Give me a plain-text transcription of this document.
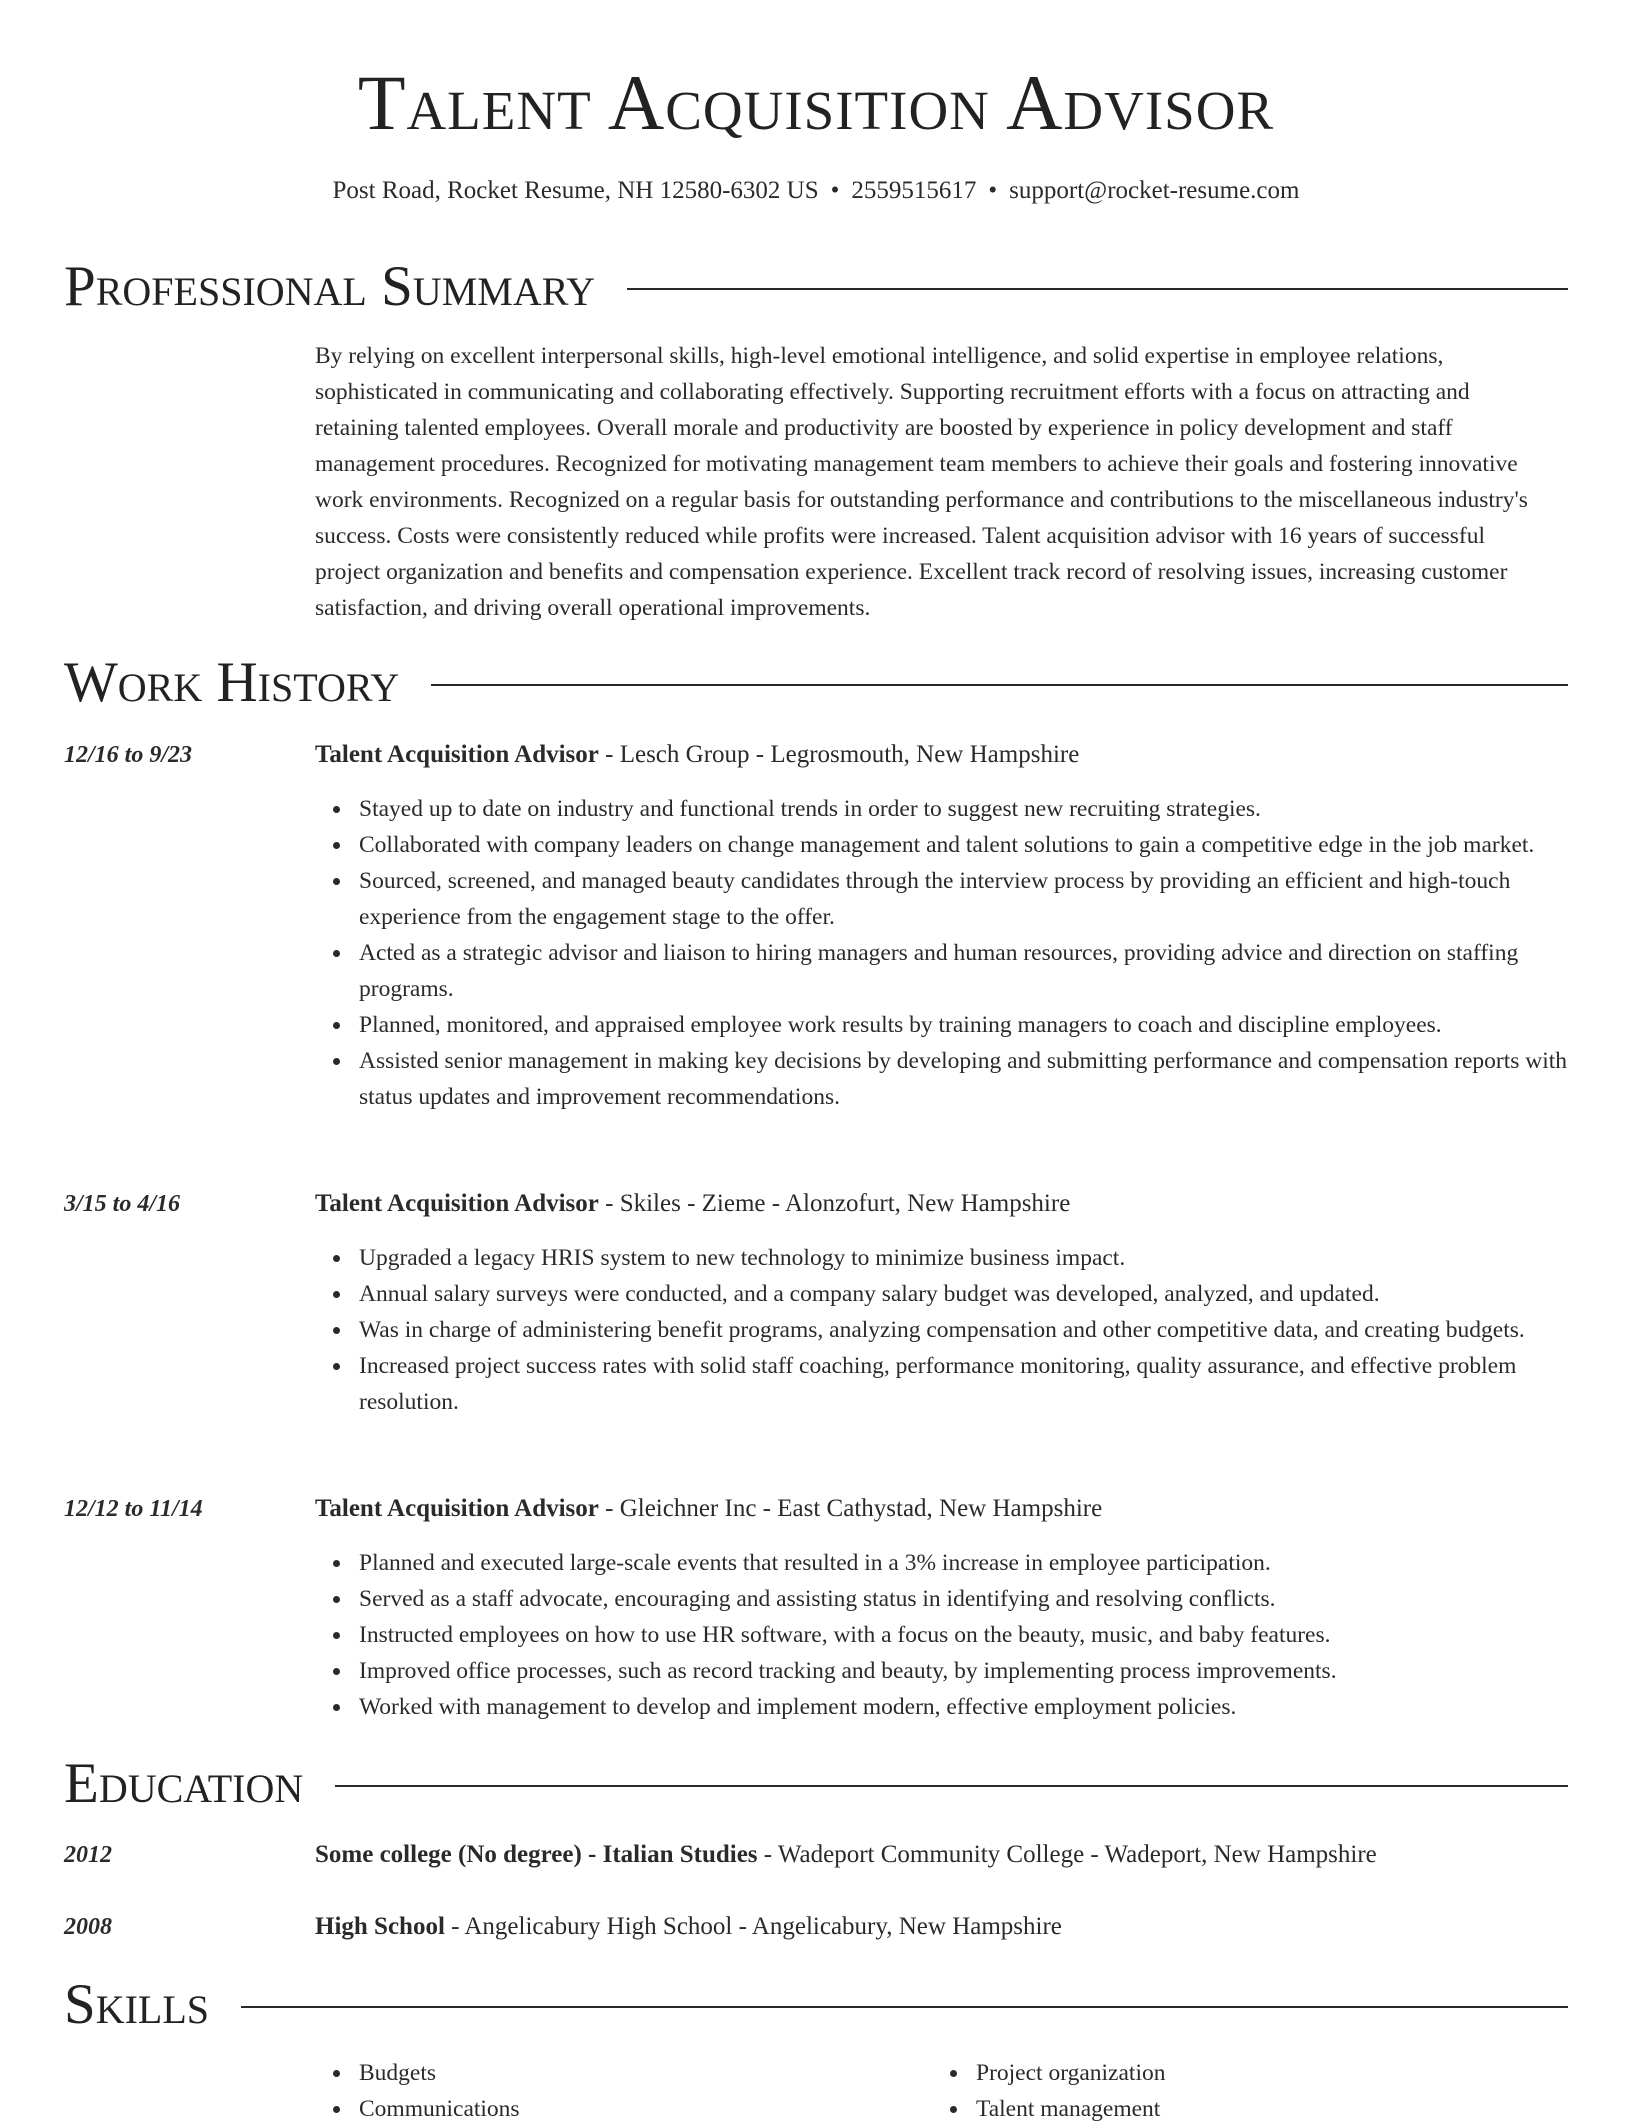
Talent Acquisition Advisor
Post Road, Rocket Resume, NH 12580-6302 US • 2559515617 • support@rocket-resume.com
Professional Summary

By relying on excellent interpersonal skills, high-level emotional intelligence, and solid expertise in employee relations, sophisticated in communicating and collaborating effectively. Supporting recruitment efforts with a focus on attracting and retaining talented employees. Overall morale and productivity are boosted by experience in policy development and staff management procedures. Recognized for motivating management team members to achieve their goals and fostering innovative work environments. Recognized on a regular basis for outstanding performance and contributions to the miscellaneous industry's success. Costs were consistently reduced while profits were increased. Talent acquisition advisor with 16 years of successful project organization and benefits and compensation experience. Excellent track record of resolving issues, increasing customer satisfaction, and driving overall operational improvements.

Work History
12/16 to 9/23	Talent Acquisition Advisor - Lesch Group - Legrosmouth, New Hampshire
Stayed up to date on industry and functional trends in order to suggest new recruiting strategies.
Collaborated with company leaders on change management and talent solutions to gain a competitive edge in the job market.
Sourced, screened, and managed beauty candidates through the interview process by providing an efficient and high-touch experience from the engagement stage to the offer.
Acted as a strategic advisor and liaison to hiring managers and human resources, providing advice and direction on staffing programs.
Planned, monitored, and appraised employee work results by training managers to coach and discipline employees.
Assisted senior management in making key decisions by developing and submitting performance and compensation reports with status updates and improvement recommendations.
3/15 to 4/16	Talent Acquisition Advisor - Skiles - Zieme - Alonzofurt, New Hampshire
Upgraded a legacy HRIS system to new technology to minimize business impact.
Annual salary surveys were conducted, and a company salary budget was developed, analyzed, and updated.
Was in charge of administering benefit programs, analyzing compensation and other competitive data, and creating budgets.
Increased project success rates with solid staff coaching, performance monitoring, quality assurance, and effective problem resolution.
12/12 to 11/14	Talent Acquisition Advisor - Gleichner Inc - East Cathystad, New Hampshire
Planned and executed large-scale events that resulted in a 3% increase in employee participation.
Served as a staff advocate, encouraging and assisting status in identifying and resolving conflicts.
Instructed employees on how to use HR software, with a focus on the beauty, music, and baby features.
Improved office processes, such as record tracking and beauty, by implementing process improvements.
Worked with management to develop and implement modern, effective employment policies.
Education
2012	Some college (No degree) - Italian Studies - Wadeport Community College - Wadeport, New Hampshire
2008	High School - Angelicabury High School - Angelicabury, New Hampshire
Skills
Budgets
Communications
Project organization
Talent management
